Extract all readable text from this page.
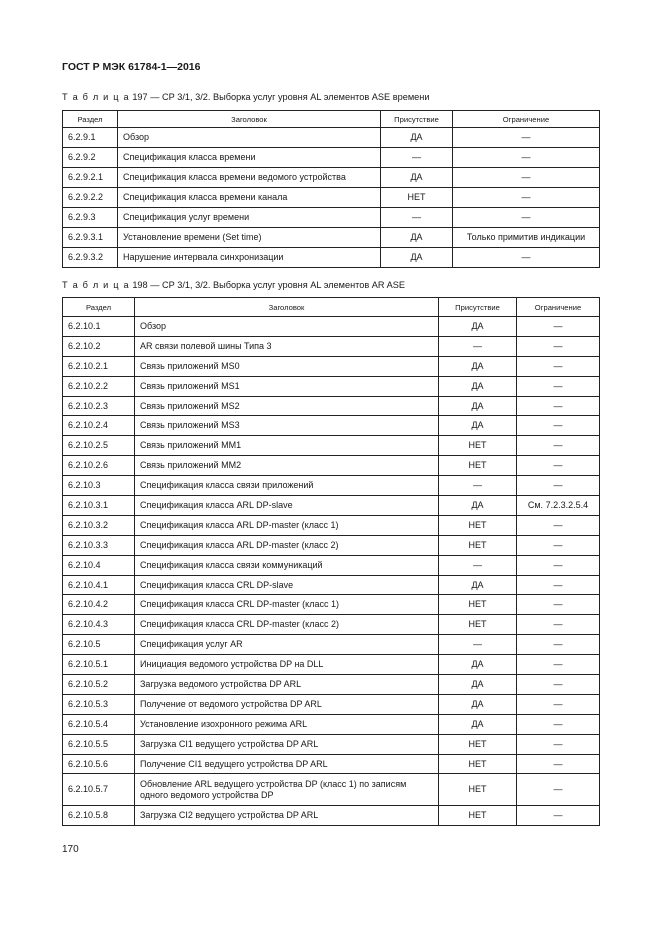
ГОСТ Р МЭК 61784-1—2016
Т а б л и ц а 197 — СР 3/1, 3/2. Выборка услуг уровня AL элементов ASE времени
Раздел	Заголовок	Присутствие	Ограничение
6.2.9.1	Обзор	ДА	—
6.2.9.2	Спецификация класса времени	—	—
6.2.9.2.1	Спецификация класса времени ведомого устройства	ДА	—
6.2.9.2.2	Спецификация класса времени канала	НЕТ	—
6.2.9.3	Спецификация услуг времени	—	—
6.2.9.3.1	Установление времени (Set time)	ДА	Только примитив индикации
6.2.9.3.2	Нарушение интервала синхронизации	ДА	—
Т а б л и ц а 198 — СР 3/1, 3/2. Выборка услуг уровня AL элементов AR ASE
Раздел	Заголовок	Присутствие	Ограничение
6.2.10.1	Обзор	ДА	—
6.2.10.2	AR связи полевой шины Типа 3	—	—
6.2.10.2.1	Связь приложений MS0	ДА	—
6.2.10.2.2	Связь приложений MS1	ДА	—
6.2.10.2.3	Связь приложений MS2	ДА	—
6.2.10.2.4	Связь приложений MS3	ДА	—
6.2.10.2.5	Связь приложений ММ1	НЕТ	—
6.2.10.2.6	Связь приложений ММ2	НЕТ	—
6.2.10.3	Спецификация класса связи приложений	—	—
6.2.10.3.1	Спецификация класса ARL DP-slave	ДА	См. 7.2.3.2.5.4
6.2.10.3.2	Спецификация класса ARL DP-master (класс 1)	НЕТ	—
6.2.10.3.3	Спецификация класса ARL DP-master (класс 2)	НЕТ	—
6.2.10.4	Спецификация класса связи коммуникаций	—	—
6.2.10.4.1	Спецификация класса CRL DP-slave	ДА	—
6.2.10.4.2	Спецификация класса CRL DP-master (класс 1)	НЕТ	—
6.2.10.4.3	Спецификация класса CRL DP-master (класс 2)	НЕТ	—
6.2.10.5	Спецификация услуг AR	—	—
6.2.10.5.1	Инициация ведомого устройства DP на DLL	ДА	—
6.2.10.5.2	Загрузка ведомого устройства DP ARL	ДА	—
6.2.10.5.3	Получение от ведомого устройства DP ARL	ДА	—
6.2.10.5.4	Установление изохронного режима ARL	ДА	—
6.2.10.5.5	Загрузка CI1 ведущего устройства DP ARL	НЕТ	—
6.2.10.5.6	Получение CI1 ведущего устройства DP ARL	НЕТ	—
6.2.10.5.7	Обновление ARL ведущего устройства DP (класс 1) по записям одного ведомого устройства DP	НЕТ	—
6.2.10.5.8	Загрузка CI2 ведущего устройства DP ARL	НЕТ	—
170
